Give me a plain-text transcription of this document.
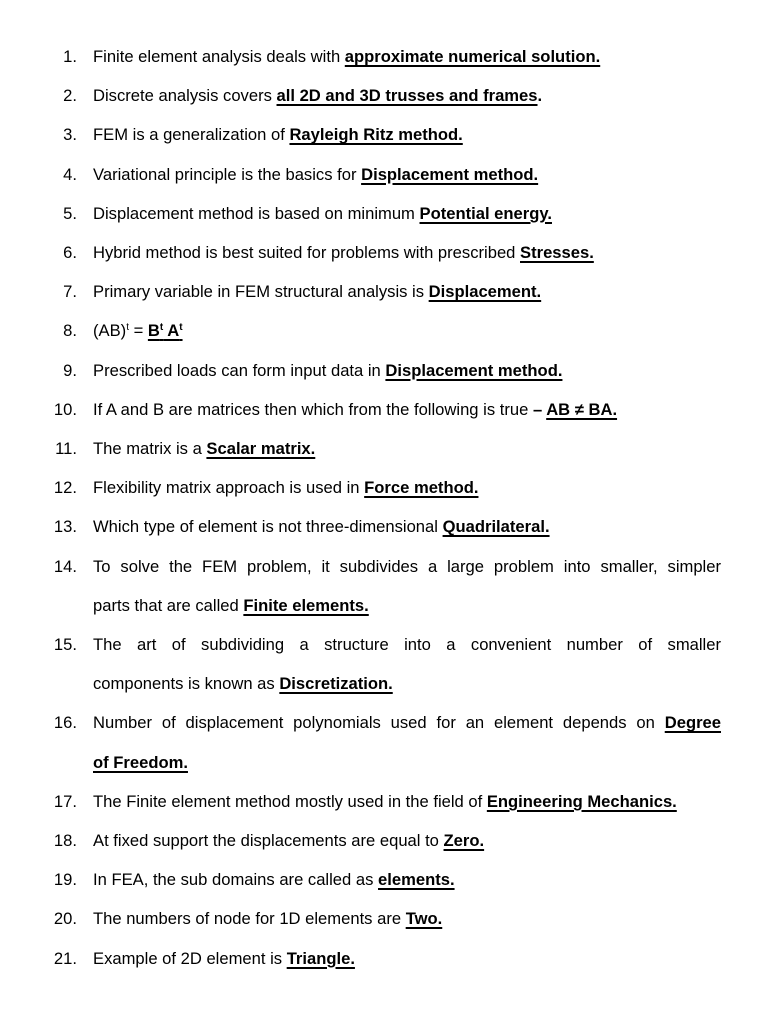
1. Finite element analysis deals with approximate numerical solution.
2. Discrete analysis covers all 2D and 3D trusses and frames.
3. FEM is a generalization of Rayleigh Ritz method.
4. Variational principle is the basics for Displacement method.
5. Displacement method is based on minimum Potential energy.
6. Hybrid method is best suited for problems with prescribed Stresses.
7. Primary variable in FEM structural analysis is Displacement.
8. $(AB)^t = B^t$ $A^t$
9. Prescribed loads can form input data in Displacement method.
10. If A and B are matrices then which from the following is true – AB ≠ BA.
11. The matrix is a Scalar matrix.
12. Flexibility matrix approach is used in Force method.
13. Which type of element is not three-dimensional Quadrilateral.
14. To solve the FEM problem, it subdivides a large problem into smaller, simpler
parts that are called Finite elements.
15. The art of subdividing a structure into a convenient number of smaller
components is known as Discretization.
16. Number of displacement polynomials used for an element depends on Degree
of Freedom.
17. The Finite element method mostly used in the field of Engineering Mechanics.
18. At fixed support the displacements are equal to Zero.
19. In FEA, the sub domains are called as elements.
20. The numbers of node for 1D elements are Two.
21. Example of 2D element is Triangle.
